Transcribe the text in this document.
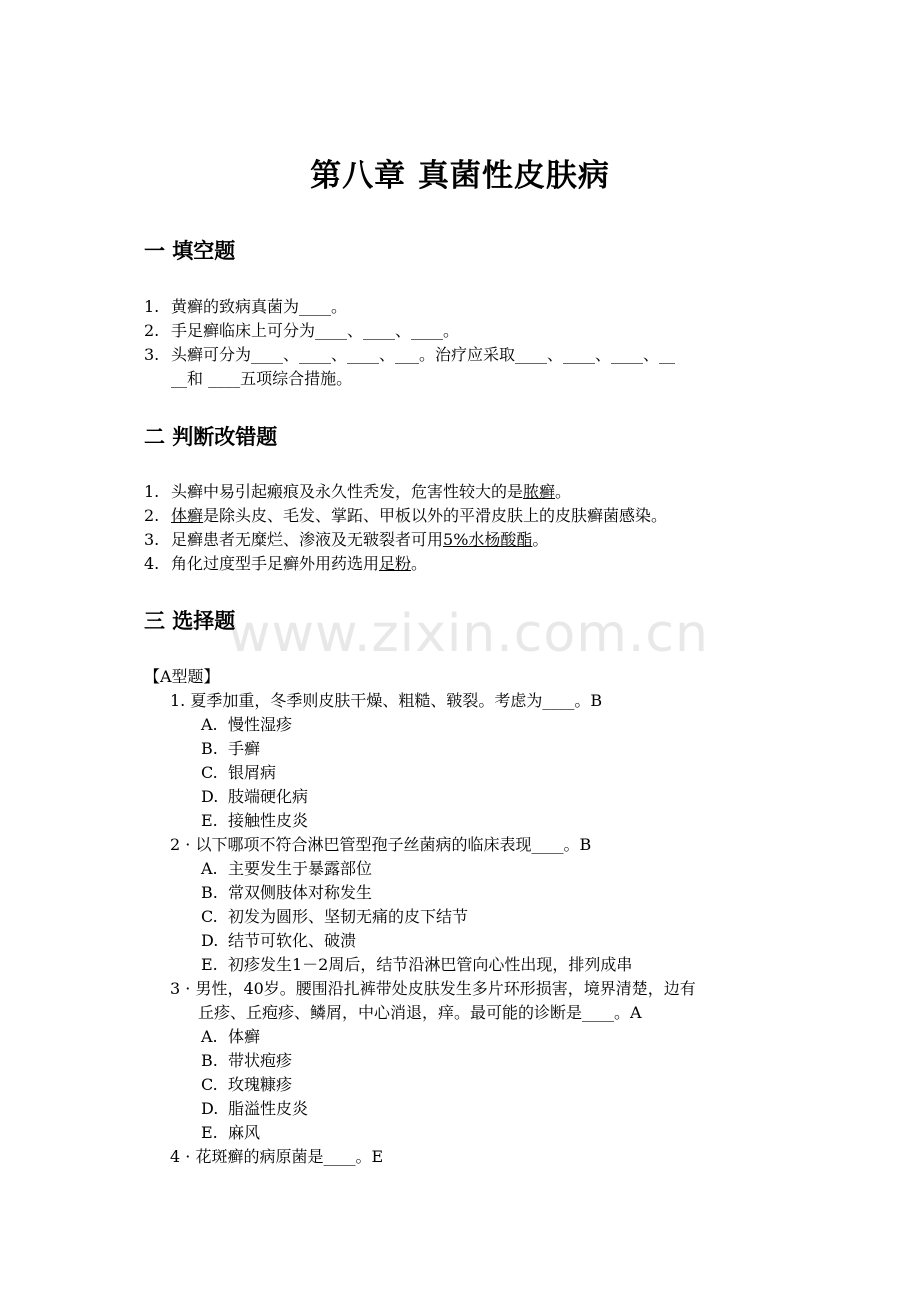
www.zixin.com.cn
第八章 真菌性皮肤病
一 填空题
1. 黄癣的致病真菌为____。
2. 手足癣临床上可分为____、____、____。
3. 头癣可分为____、____、____、___。治疗应采取____、____、____、__
__和 ____五项综合措施。
二 判断改错题
1. 头癣中易引起瘢痕及永久性秃发，危害性较大的是脓癣。
2. 体癣是除头皮、毛发、掌跖、甲板以外的平滑皮肤上的皮肤癣菌感染。
3. 足癣患者无糜烂、渗液及无皲裂者可用5%水杨酸酯。
4. 角化过度型手足癣外用药选用足粉。
三 选择题
【A型题】
1. 夏季加重，冬季则皮肤干燥、粗糙、皲裂。考虑为____。B
A. 慢性湿疹
B. 手癣
C. 银屑病
D. 肢端硬化病
E. 接触性皮炎
2 · 以下哪项不符合淋巴管型孢子丝菌病的临床表现____。B
A. 主要发生于暴露部位
B. 常双侧肢体对称发生
C. 初发为圆形、坚韧无痛的皮下结节
D. 结节可软化、破溃
E. 初疹发生1－2周后，结节沿淋巴管向心性出现，排列成串
3 · 男性，40岁。腰围沿扎裤带处皮肤发生多片环形损害，境界清楚，边有
丘疹、丘疱疹、鳞屑，中心消退，痒。最可能的诊断是____。A
A. 体癣
B. 带状疱疹
C. 玫瑰糠疹
D. 脂溢性皮炎
E. 麻风
4 · 花斑癣的病原菌是____。E
